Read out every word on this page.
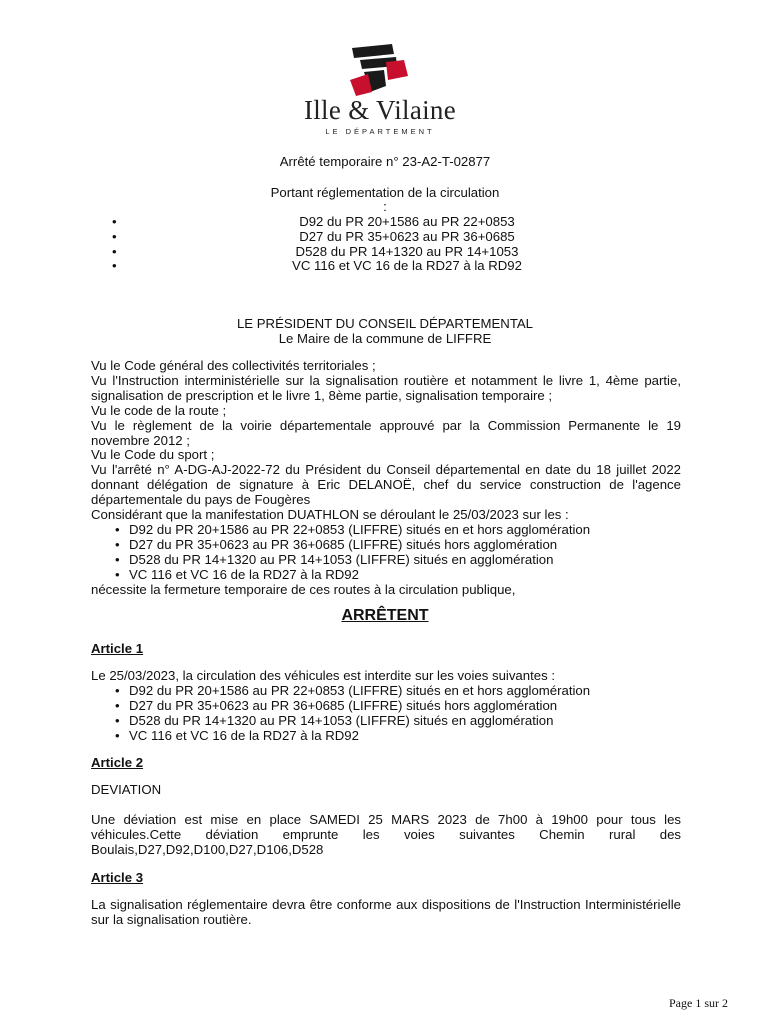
Ille & Vilaine
LE DÉPARTEMENT
Arrêté temporaire n° 23-A2-T-02877
Portant réglementation de la circulation
:
•	D92 du PR 20+1586 au PR 22+0853
•	D27 du PR 35+0623 au PR 36+0685
•	D528 du PR 14+1320 au PR 14+1053
•	VC 116 et VC 16 de la RD27 à la RD92
LE PRÉSIDENT DU CONSEIL DÉPARTEMENTAL
Le Maire de la commune de LIFFRE
Vu le Code général des collectivités territoriales ;
Vu l'Instruction interministérielle sur la signalisation routière et notamment le livre 1, 4ème partie, signalisation de prescription et le livre 1, 8ème partie, signalisation temporaire ;
Vu le code de la route ;
Vu le règlement de la voirie départementale approuvé par la Commission Permanente le 19 novembre 2012 ;
Vu le Code du sport ;
Vu l'arrêté n° A-DG-AJ-2022-72 du Président du Conseil départemental en date du 18 juillet 2022 donnant délégation de signature à Eric DELANOË, chef du service construction de l'agence départementale du pays de Fougères
Considérant que la manifestation DUATHLON se déroulant le 25/03/2023 sur les :
• D92 du PR 20+1586 au PR 22+0853 (LIFFRE) situés en et hors agglomération
• D27 du PR 35+0623 au PR 36+0685 (LIFFRE) situés hors agglomération
• D528 du PR 14+1320 au PR 14+1053 (LIFFRE) situés en agglomération
• VC 116 et VC 16 de la RD27 à la RD92
nécessite la fermeture temporaire de ces routes à la circulation publique,
ARRÊTENT
Article 1
Le 25/03/2023, la circulation des véhicules est interdite sur les voies suivantes :
• D92 du PR 20+1586 au PR 22+0853 (LIFFRE) situés en et hors agglomération
• D27 du PR 35+0623 au PR 36+0685 (LIFFRE) situés hors agglomération
• D528 du PR 14+1320 au PR 14+1053 (LIFFRE) situés en agglomération
• VC 116 et VC 16 de la RD27 à la RD92
Article 2
DEVIATION
Une déviation est mise en place SAMEDI 25 MARS 2023 de 7h00 à 19h00 pour tous les véhicules.Cette déviation emprunte les voies suivantes Chemin rural des Boulais,D27,D92,D100,D27,D106,D528
Article 3
La signalisation réglementaire devra être conforme aux dispositions de l'Instruction Interministérielle sur la signalisation routière.
Page 1 sur 2
